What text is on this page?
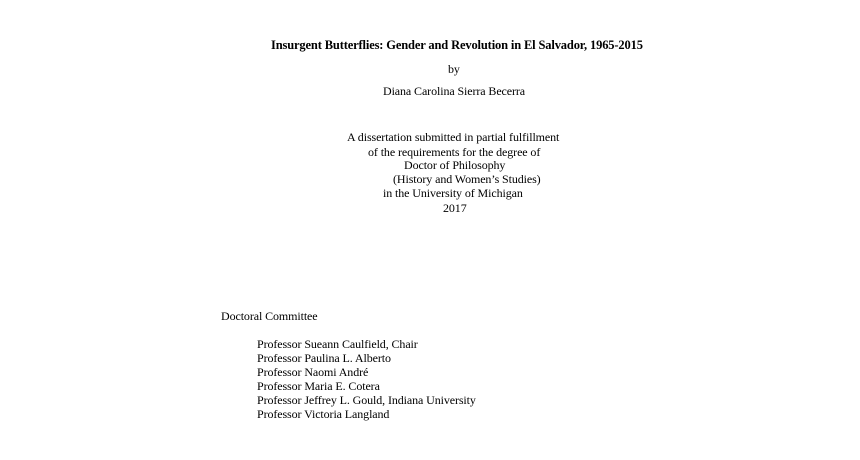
Insurgent Butterflies: Gender and Revolution in El Salvador, 1965-2015
by
Diana Carolina Sierra Becerra
A dissertation submitted in partial fulfillment
of the requirements for the degree of
Doctor of Philosophy
(History and Women’s Studies)
in the University of Michigan
2017
Doctoral Committee
Professor Sueann Caulfield, Chair
Professor Paulina L. Alberto
Professor Naomi André
Professor Maria E. Cotera
Professor Jeffrey L. Gould, Indiana University
Professor Victoria Langland
